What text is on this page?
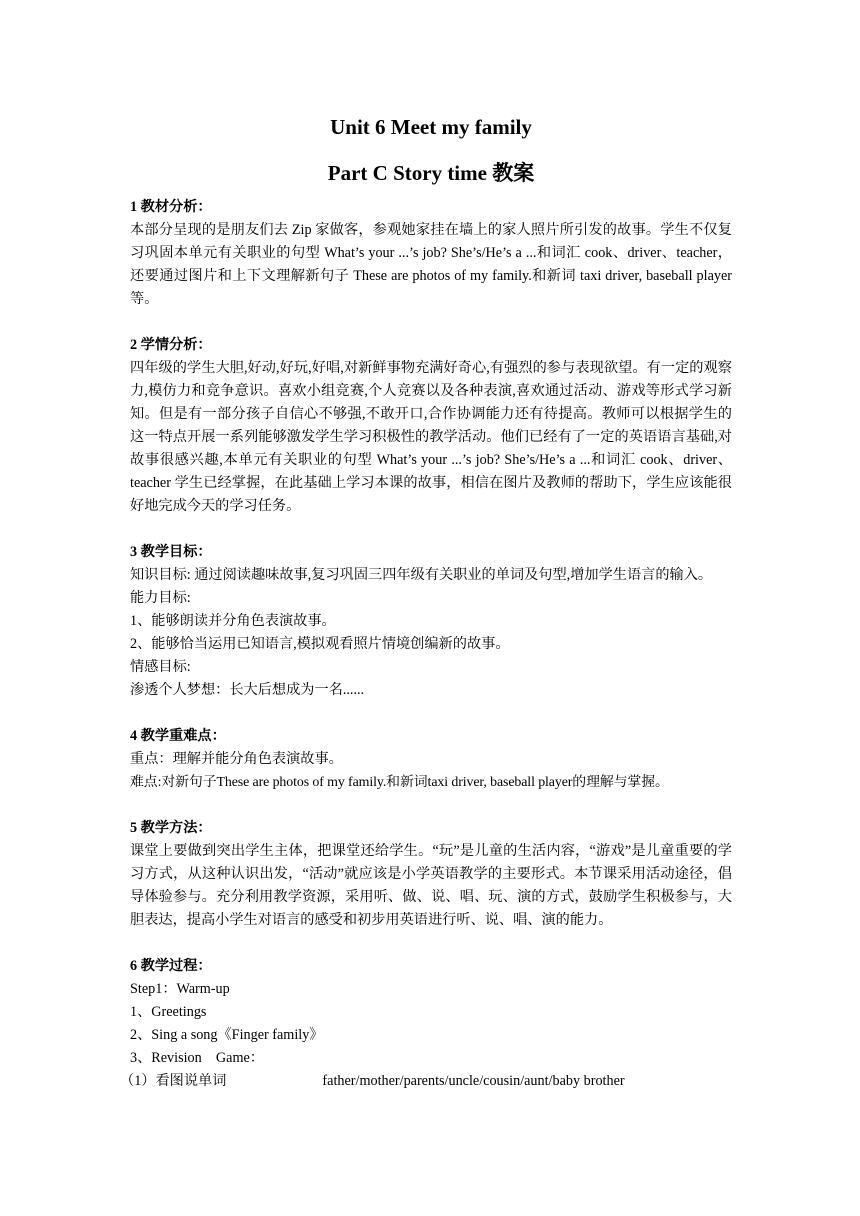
Unit 6 Meet my family
Part C Story time 教案
1 教材分析：

本部分呈现的是朋友们去 Zip 家做客，参观她家挂在墙上的家人照片所引发的故事。学生不仅复习巩固本单元有关职业的句型 What’s your ...’s job? She’s/He’s a ...和词汇 cook、driver、teacher，还要通过图片和上下文理解新句子 These are photos of my family.和新词 taxi driver, baseball player 等。

2 学情分析：

四年级的学生大胆,好动,好玩,好唱,对新鲜事物充满好奇心,有强烈的参与表现欲望。有一定的观察力,模仿力和竞争意识。喜欢小组竞赛,个人竞赛以及各种表演,喜欢通过活动、游戏等形式学习新知。但是有一部分孩子自信心不够强,不敢开口,合作协调能力还有待提高。教师可以根据学生的这一特点开展一系列能够激发学生学习积极性的教学活动。他们已经有了一定的英语语言基础,对故事很感兴趣,本单元有关职业的句型 What’s your ...’s job? She’s/He’s a ...和词汇 cook、driver、teacher 学生已经掌握，在此基础上学习本课的故事，相信在图片及教师的帮助下，学生应该能很好地完成今天的学习任务。

3 教学目标：

知识目标: 通过阅读趣味故事,复习巩固三四年级有关职业的单词及句型,增加学生语言的输入。

能力目标:
1、能够朗读并分角色表演故事。
2、能够恰当运用已知语言,模拟观看照片情境创编新的故事。
情感目标:
渗透个人梦想：长大后想成为一名......
4 教学重难点：
重点：理解并能分角色表演故事。
难点:对新句子These are photos of my family.和新词taxi driver, baseball player的理解与掌握。
5 教学方法：

课堂上要做到突出学生主体，把课堂还给学生。“玩”是儿童的生活内容，“游戏”是儿童重要的学习方式，从这种认识出发，“活动”就应该是小学英语教学的主要形式。本节课采用活动途径，倡导体验参与。充分利用教学资源，采用听、做、说、唱、玩、演的方式，鼓励学生积极参与，大胆表达，提高小学生对语言的感受和初步用英语进行听、说、唱、演的能力。

6 教学过程：
Step1：Warm-up
1、Greetings
2、Sing a song《Finger family》
3、Revision    Game：
（1）看图说单词	father/mother/parents/uncle/cousin/aunt/baby brother
